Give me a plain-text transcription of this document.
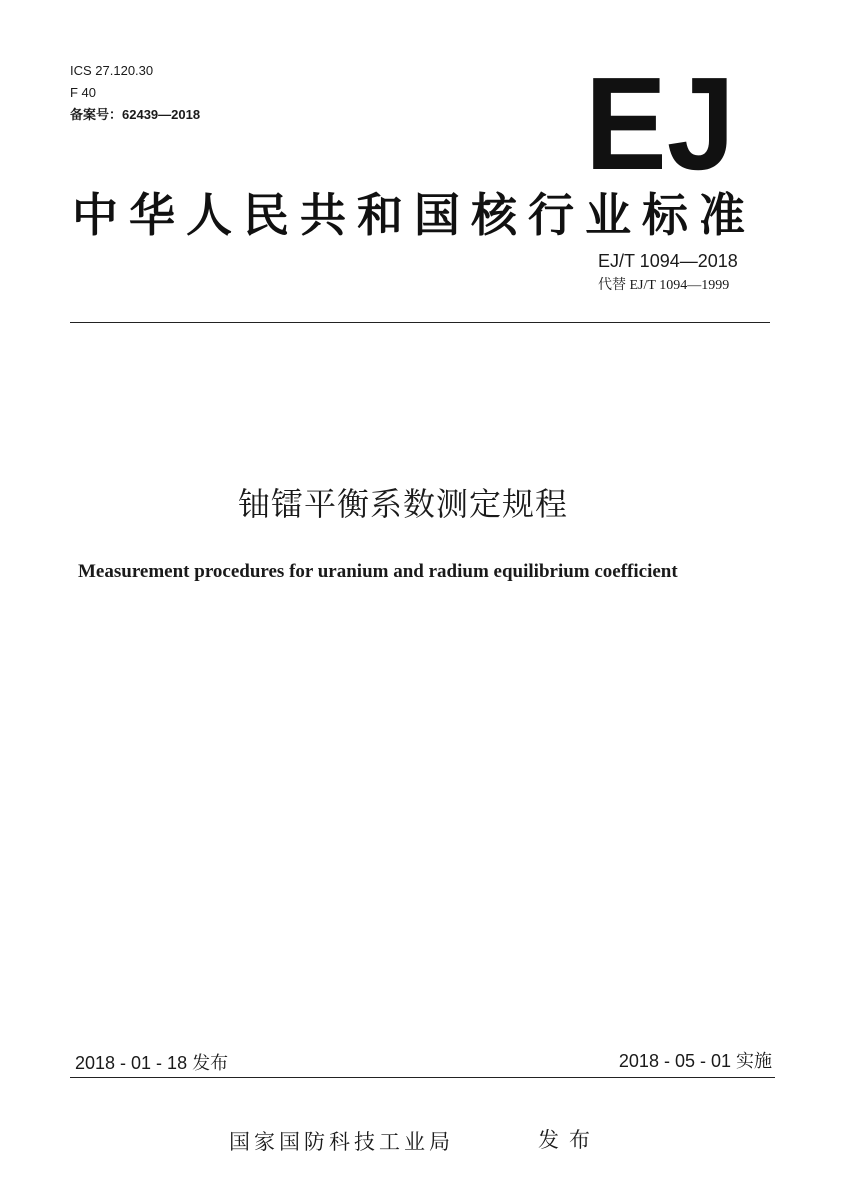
ICS 27.120.30
F 40
备案号：62439—2018	EJ
中华人民共和国核行业标准
EJ/T 1094—2018
代替 EJ/T 1094—1999
铀镭平衡系数测定规程
Measurement procedures for uranium and radium equilibrium coefficient
2018 - 01 - 18 发布	2018 - 05 - 01 实施
国家国防科技工业局	发布
